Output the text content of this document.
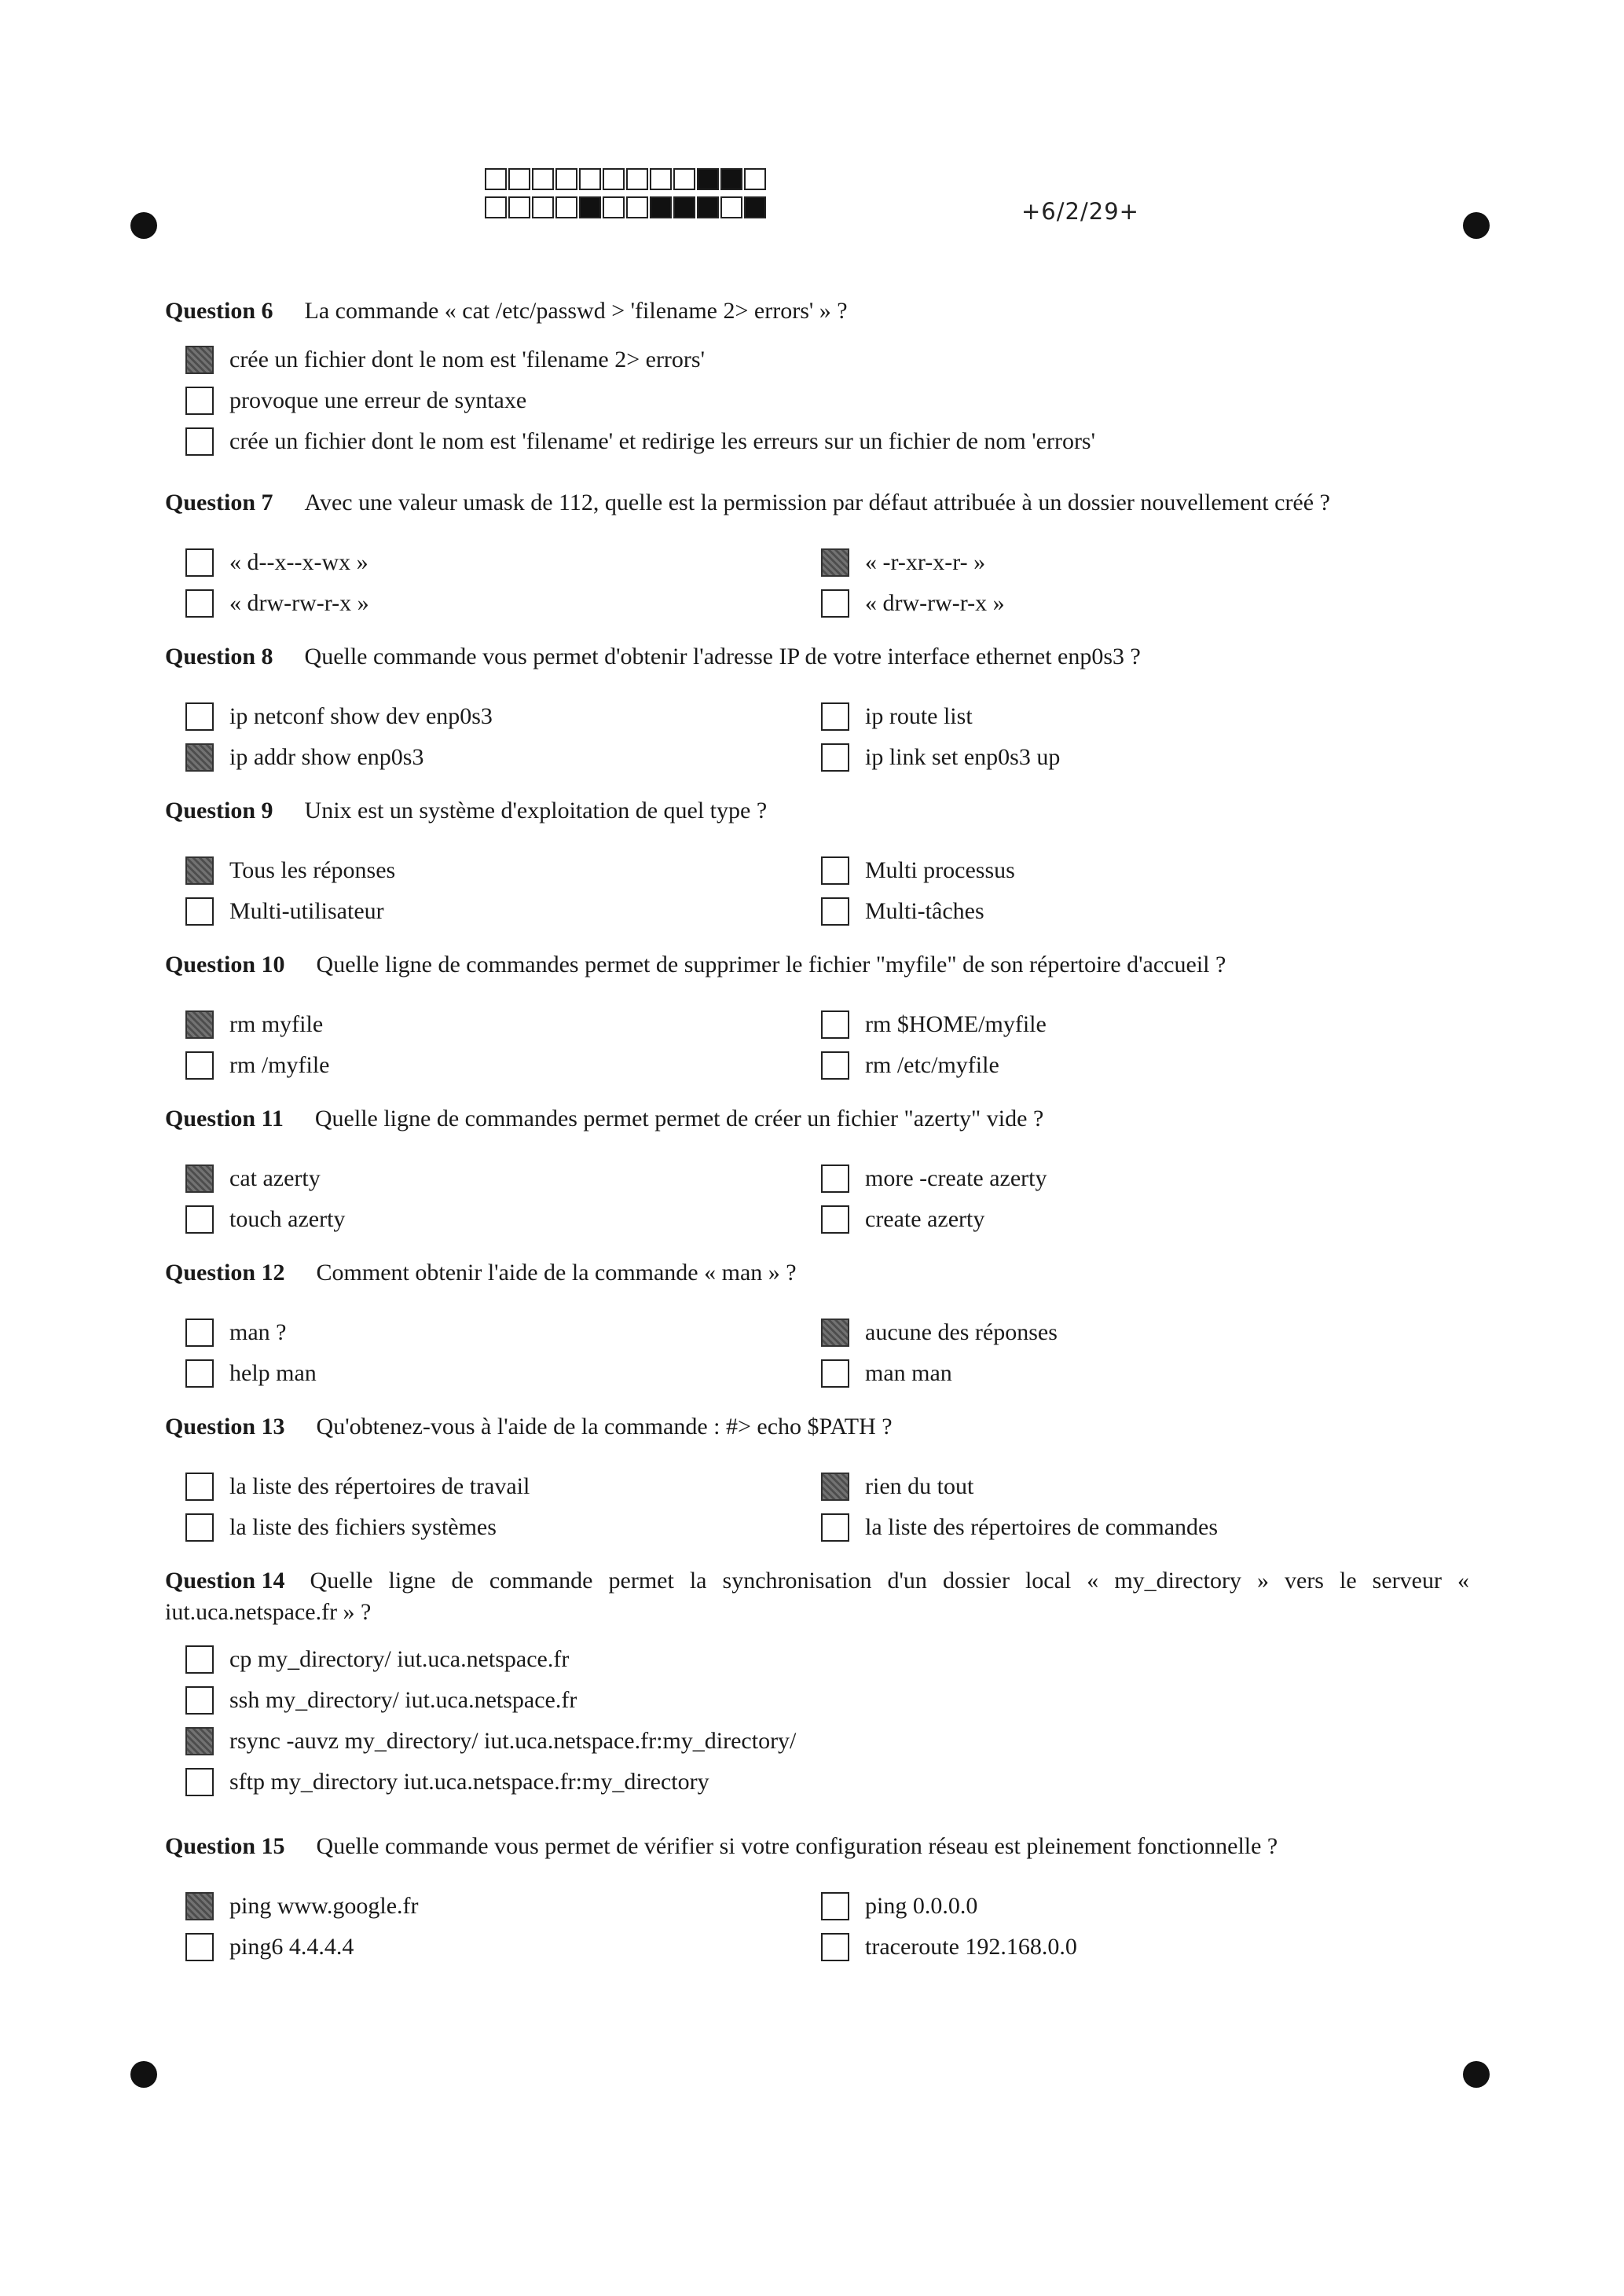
+6/2/29+
Question 6 La commande « cat /etc/passwd > 'filename 2> errors' » ?
crée un fichier dont le nom est 'filename 2> errors'
provoque une erreur de syntaxe
crée un fichier dont le nom est 'filename' et redirige les erreurs sur un fichier de nom 'errors'
Question 7 Avec une valeur umask de 112, quelle est la permission par défaut attribuée à un dossier nouvellement créé ?
« d--x--x-wx »
« drw-rw-r-x »
« -r-xr-x-r- »
« drw-rw-r-x »
Question 8 Quelle commande vous permet d'obtenir l'adresse IP de votre interface ethernet enp0s3 ?
ip netconf show dev enp0s3
ip addr show enp0s3
ip route list
ip link set enp0s3 up
Question 9 Unix est un système d'exploitation de quel type ?
Tous les réponses
Multi-utilisateur
Multi processus
Multi-tâches
Question 10 Quelle ligne de commandes permet de supprimer le fichier "myfile" de son répertoire d'accueil ?
rm myfile
rm /myfile
rm $HOME/myfile
rm /etc/myfile
Question 11 Quelle ligne de commandes permet permet de créer un fichier "azerty" vide ?
cat azerty
touch azerty
more -create azerty
create azerty
Question 12 Comment obtenir l'aide de la commande « man » ?
man ?
help man
aucune des réponses
man man
Question 13 Qu'obtenez-vous à l'aide de la commande : #> echo $PATH ?
la liste des répertoires de travail
la liste des fichiers systèmes
rien du tout
la liste des répertoires de commandes
Question 14 Quelle ligne de commande permet la synchronisation d'un dossier local « my_directory » vers le serveur « iut.uca.netspace.fr » ?
cp my_directory/ iut.uca.netspace.fr
ssh my_directory/ iut.uca.netspace.fr
rsync -auvz my_directory/ iut.uca.netspace.fr:my_directory/
sftp my_directory iut.uca.netspace.fr:my_directory
Question 15 Quelle commande vous permet de vérifier si votre configuration réseau est pleinement fonctionnelle ?
ping www.google.fr
ping6 4.4.4.4
ping 0.0.0.0
traceroute 192.168.0.0
